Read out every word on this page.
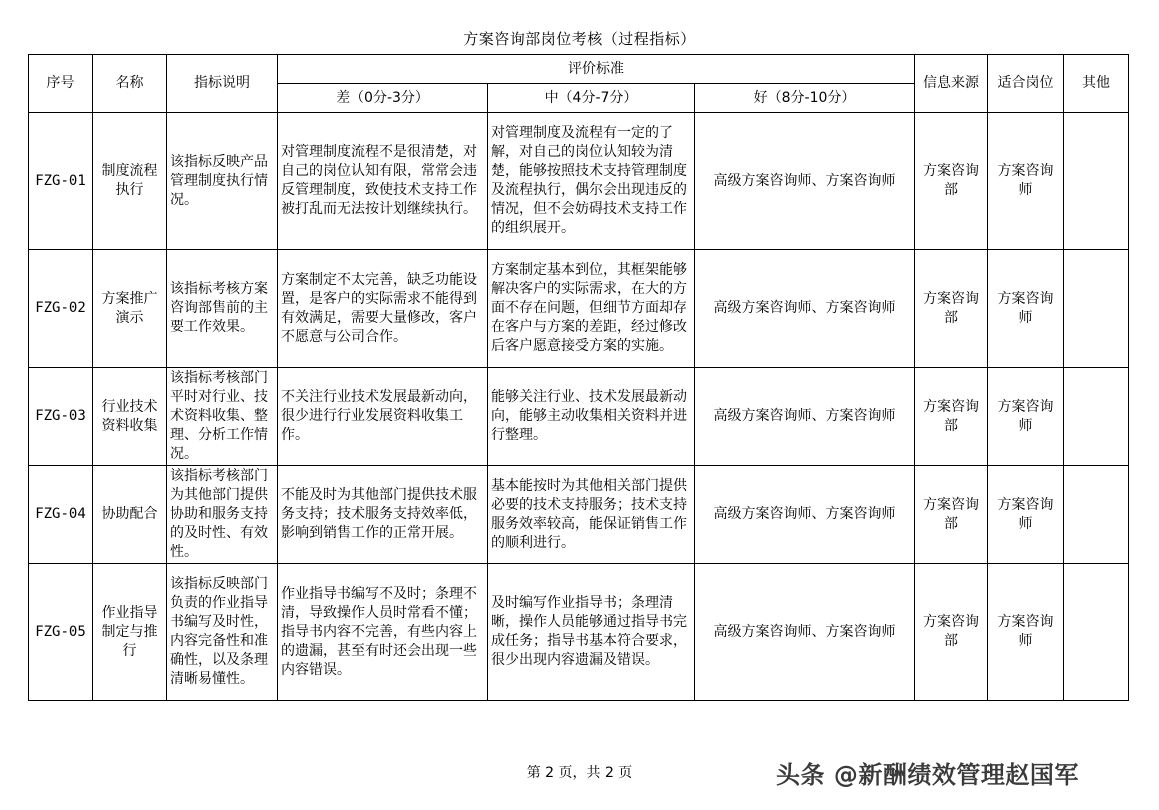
方案咨询部岗位考核（过程指标）
序号	名称	指标说明	评价标准			信息来源	适合岗位	其他
			差（0分-3分）	中（4分-7分）	好（8分-10分）			
FZG-01	制度流程执行	该指标反映产品管理制度执行情况。	对管理制度流程不是很清楚，对自己的岗位认知有限，常常会违反管理制度，致使技术支持工作被打乱而无法按计划继续执行。	对管理制度及流程有一定的了解，对自己的岗位认知较为清楚，能够按照技术支持管理制度及流程执行，偶尔会出现违反的情况，但不会妨碍技术支持工作的组织展开。	高级方案咨询师、方案咨询师	方案咨询部	方案咨询师	
FZG-02	方案推广演示	该指标考核方案咨询部售前的主要工作效果。	方案制定不太完善，缺乏功能设置，是客户的实际需求不能得到有效满足，需要大量修改，客户不愿意与公司合作。	方案制定基本到位，其框架能够解决客户的实际需求，在大的方面不存在问题，但细节方面却存在客户与方案的差距，经过修改后客户愿意接受方案的实施。	高级方案咨询师、方案咨询师	方案咨询部	方案咨询师	
FZG-03	行业技术资料收集	该指标考核部门平时对行业、技术资料收集、整理、分析工作情况。	不关注行业技术发展最新动向，很少进行行业发展资料收集工作。	能够关注行业、技术发展最新动向，能够主动收集相关资料并进行整理。	高级方案咨询师、方案咨询师	方案咨询部	方案咨询师	
FZG-04	协助配合	该指标考核部门为其他部门提供协助和服务支持的及时性、有效性。	不能及时为其他部门提供技术服务支持；技术服务支持效率低，影响到销售工作的正常开展。	基本能按时为其他相关部门提供必要的技术支持服务；技术支持服务效率较高，能保证销售工作的顺利进行。	高级方案咨询师、方案咨询师	方案咨询部	方案咨询师	
FZG-05	作业指导制定与推行	该指标反映部门负责的作业指导书编写及时性，内容完备性和准确性，以及条理清晰易懂性。	作业指导书编写不及时；条理不清，导致操作人员时常看不懂；指导书内容不完善，有些内容上的遗漏，甚至有时还会出现一些内容错误。	及时编写作业指导书；条理清晰，操作人员能够通过指导书完成任务；指导书基本符合要求，很少出现内容遗漏及错误。	高级方案咨询师、方案咨询师	方案咨询部	方案咨询师	
第 2 页，共 2 页	头条 @新酬绩效管理赵国军
